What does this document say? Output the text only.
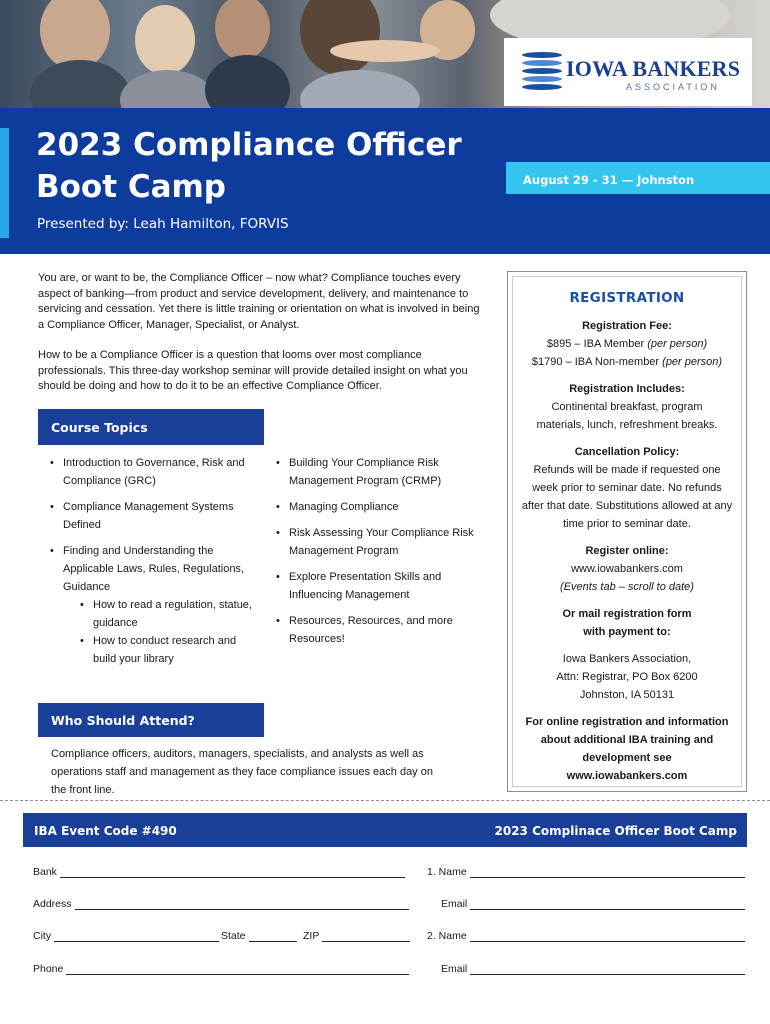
IOWA BANKERS
ASSOCIATION
2023 Compliance Officer
Boot Camp
Presented by: Leah Hamilton, FORVIS
August 29 - 31 — Johnston

You are, or want to be, the Compliance Officer – now what? Compliance touches every aspect of banking—from product and service development, delivery, and maintenance to servicing and cessation. Yet there is little training or orientation on what is involved in being a Compliance Officer, Manager, Specialist, or Analyst.

How to be a Compliance Officer is a question that looms over most compliance professionals. This three-day workshop seminar will provide detailed insight on what you should be doing and how to do it to be an effective Compliance Officer.

Course Topics
• Introduction to Governance, Risk and Compliance (GRC)
• Compliance Management Systems Defined
• Finding and Understanding the Applicable Laws, Rules, Regulations, Guidance
• How to read a regulation, statue, guidance
• How to conduct research and build your library
• Building Your Compliance Risk Management Program (CRMP)
• Managing Compliance
• Risk Assessing Your Compliance Risk Management Program
• Explore Presentation Skills and Influencing Management
• Resources, Resources, and more Resources!
Who Should Attend?
Compliance officers, auditors, managers, specialists, and analysts as well as operations staff and management as they face compliance issues each day on the front line.
REGISTRATION
Registration Fee:
$895 – IBA Member (per person)
$1790 – IBA Non-member (per person)
Registration Includes:
Continental breakfast, program materials, lunch, refreshment breaks.
Cancellation Policy:
Refunds will be made if requested one week prior to seminar date. No refunds after that date. Substitutions allowed at any time prior to seminar date.
Register online:
www.iowabankers.com
(Events tab – scroll to date)
Or mail registration form with payment to:
Iowa Bankers Association,
Attn: Registrar, PO Box 6200
Johnston, IA 50131
For online registration and information about additional IBA training and development see www.iowabankers.com
IBA Event Code #490	2023 Complinace Officer Boot Camp
Bank
Address
City	State	ZIP
Phone
1. Name
Email
2. Name
Email
